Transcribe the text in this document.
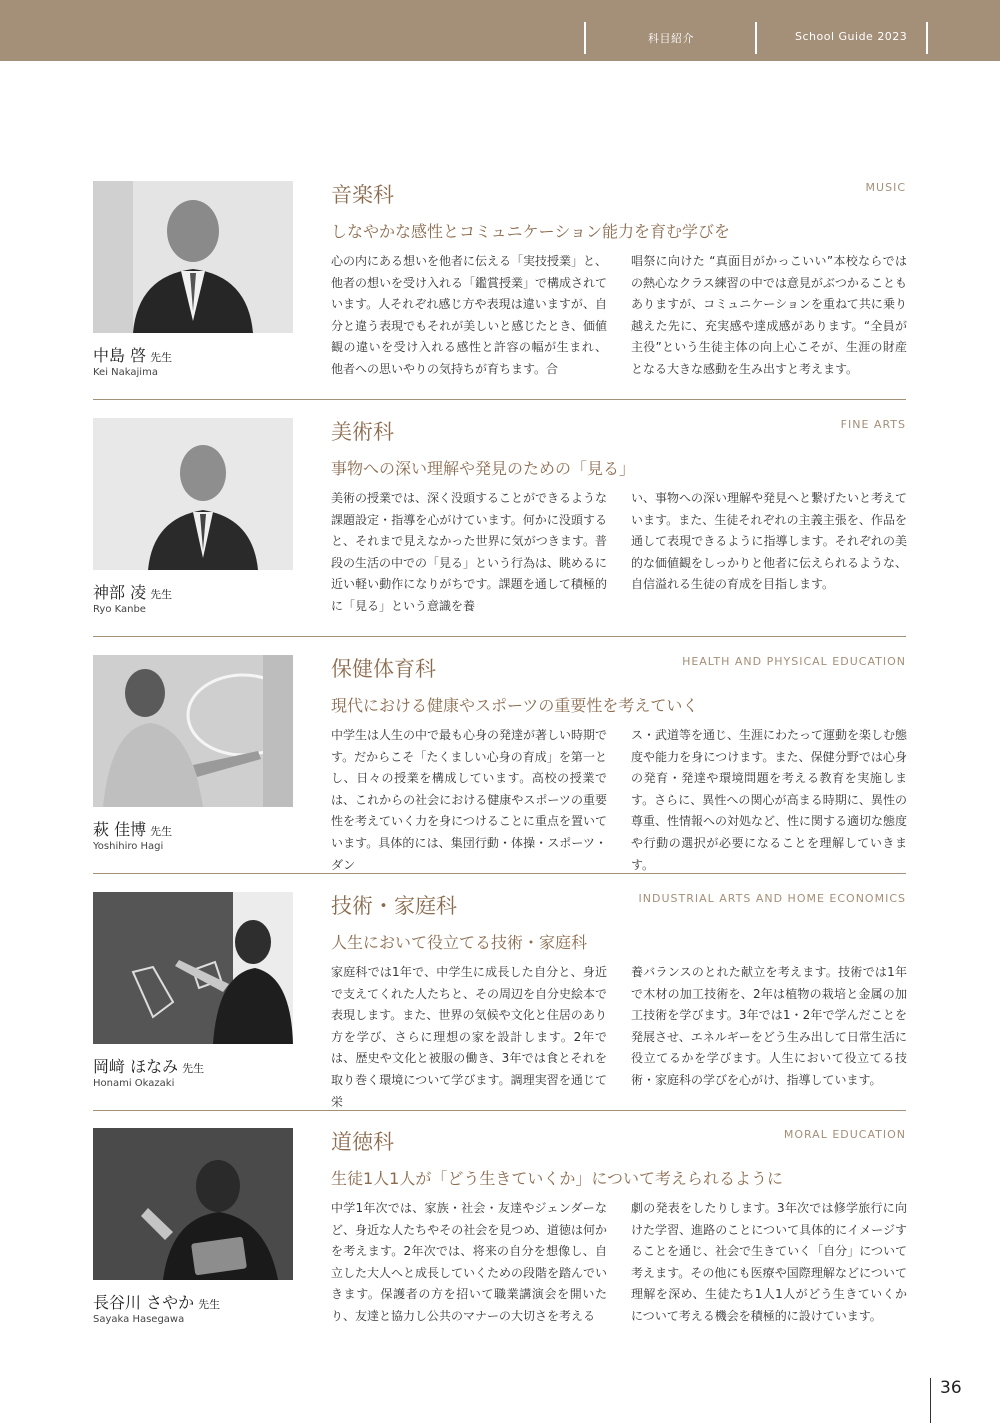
科目紹介	School Guide 2023
中島 啓 先生
Kei Nakajima
音楽科	MUSIC
しなやかな感性とコミュニケーション能力を育む学びを
心の内にある想いを他者に伝える「実技授業」と、他者の想いを受け入れる「鑑賞授業」で構成されています。人それぞれ感じ方や表現は違いますが、自分と違う表現でもそれが美しいと感じたとき、価値観の違いを受け入れる感性と許容の幅が生まれ、他者への思いやりの気持ちが育ちます。合
唱祭に向けた “真面目がかっこいい”本校ならではの熱心なクラス練習の中では意見がぶつかることもありますが、コミュニケーションを重ねて共に乗り越えた先に、充実感や達成感があります。“全員が主役”という生徒主体の向上心こそが、生涯の財産となる大きな感動を生み出すと考えます。
神部 凌 先生
Ryo Kanbe
美術科	FINE ARTS
事物への深い理解や発見のための「見る」
美術の授業では、深く没頭することができるような課題設定・指導を心がけています。何かに没頭すると、それまで見えなかった世界に気がつきます。普段の生活の中での「見る」という行為は、眺めるに近い軽い動作になりがちです。課題を通して積極的に「見る」という意識を養
い、事物への深い理解や発見へと繋げたいと考えています。また、生徒それぞれの主義主張を、作品を通して表現できるように指導します。それぞれの美的な価値観をしっかりと他者に伝えられるような、自信溢れる生徒の育成を目指します。
萩 佳博 先生
Yoshihiro Hagi
保健体育科	HEALTH AND PHYSICAL EDUCATION
現代における健康やスポーツの重要性を考えていく
中学生は人生の中で最も心身の発達が著しい時期です。だからこそ「たくましい心身の育成」を第一とし、日々の授業を構成しています。高校の授業では、これからの社会における健康やスポーツの重要性を考えていく力を身につけることに重点を置いています。具体的には、集団行動・体操・スポーツ・ダン
ス・武道等を通じ、生涯にわたって運動を楽しむ態度や能力を身につけます。また、保健分野では心身の発育・発達や環境問題を考える教育を実施します。さらに、異性への関心が高まる時期に、異性の尊重、性情報への対処など、性に関する適切な態度や行動の選択が必要になることを理解していきます。
岡﨑 ほなみ 先生
Honami Okazaki
技術・家庭科	INDUSTRIAL ARTS AND HOME ECONOMICS
人生において役立てる技術・家庭科
家庭科では1年で、中学生に成長した自分と、身近で支えてくれた人たちと、その周辺を自分史絵本で表現します。また、世界の気候や文化と住居のあり方を学び、さらに理想の家を設計します。2年では、歴史や文化と被服の働き、3年では食とそれを取り巻く環境について学びます。調理実習を通じて栄
養バランスのとれた献立を考えます。技術では1年で木材の加工技術を、2年は植物の栽培と金属の加工技術を学びます。3年では1・2年で学んだことを発展させ、エネルギーをどう生み出して日常生活に役立てるかを学びます。人生において役立てる技術・家庭科の学びを心がけ、指導しています。
長谷川 さやか 先生
Sayaka Hasegawa
道徳科	MORAL EDUCATION
生徒1人1人が「どう生きていくか」について考えられるように
中学1年次では、家族・社会・友達やジェンダーなど、身近な人たちやその社会を見つめ、道徳は何かを考えます。2年次では、将来の自分を想像し、自立した大人へと成長していくための段階を踏んでいきます。保護者の方を招いて職業講演会を開いたり、友達と協力し公共のマナーの大切さを考える
劇の発表をしたりします。3年次では修学旅行に向けた学習、進路のことについて具体的にイメージすることを通じ、社会で生きていく「自分」について考えます。その他にも医療や国際理解などについて理解を深め、生徒たち1人1人がどう生きていくかについて考える機会を積極的に設けています。
36
